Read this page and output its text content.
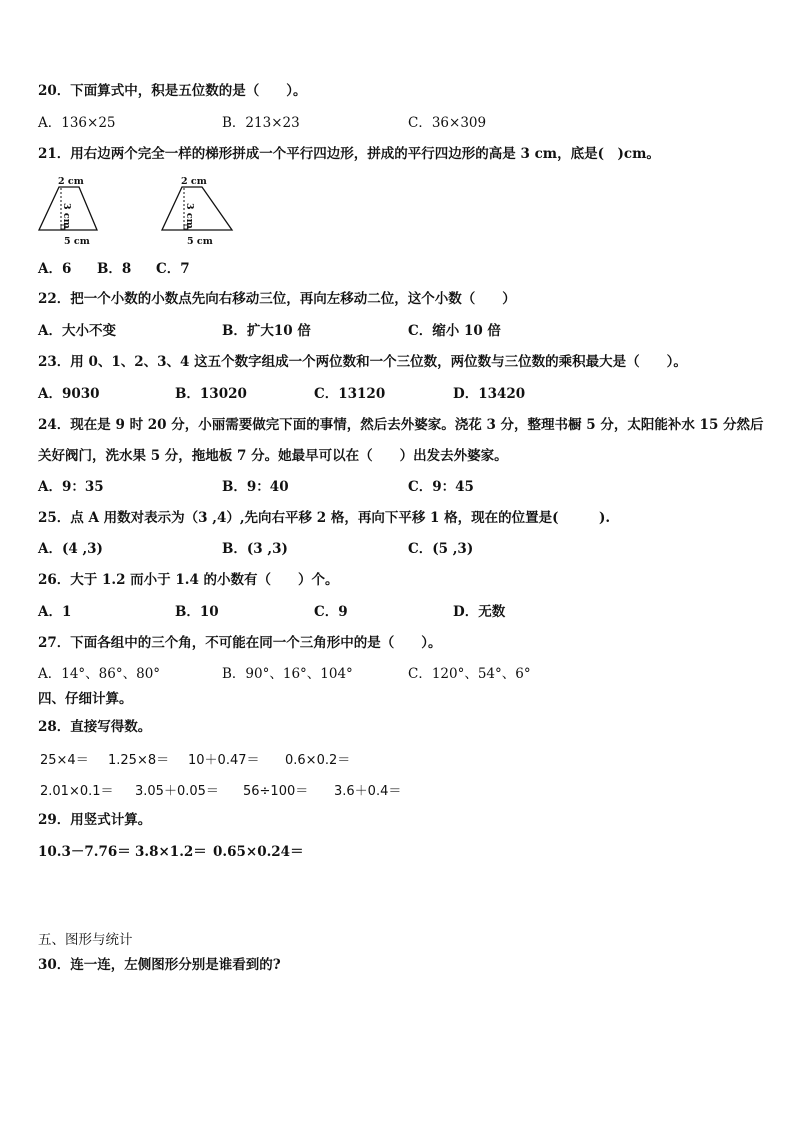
20．下面算式中，积是五位数的是（　　）。
A．136×25	B．213×23	C．36×309
21．用右边两个完全一样的梯形拼成一个平行四边形，拼成的平行四边形的高是 3 cm，底是(　)cm。
2 cm
3 cm
5 cm
2 cm
3 cm
5 cm
A．6 B．8 C．7
22．把一个小数的小数点先向右移动三位，再向左移动二位，这个小数（　　）
A．大小不变	B．扩大10 倍	C．缩小 10 倍
23．用 0、1、2、3、4 这五个数字组成一个两位数和一个三位数，两位数与三位数的乘积最大是（　　）。
A．9030	B．13020	C．13120	D．13420
24．现在是 9 时 20 分，小丽需要做完下面的事情，然后去外婆家。浇花 3 分，整理书橱 5 分，太阳能补水 15 分然后
关好阀门，洗水果 5 分，拖地板 7 分。她最早可以在（　　）出发去外婆家。
A．9：35	B．9：40	C．9：45
25．点 A 用数对表示为（3 ,4）,先向右平移 2 格，再向下平移 1 格，现在的位置是(　　　).
A．(4 ,3)	B．(3 ,3)	C．(5 ,3)
26．大于 1.2 而小于 1.4 的小数有（　　）个。
A．1	B．10	C．9	D．无数
27．下面各组中的三个角，不可能在同一个三角形中的是（　　）。
A．14°、86°、80°	B．90°、16°、104°	C．120°、54°、6°
四、仔细计算。
28．直接写得数。
25×4＝ 1.25×8＝ 10＋0.47＝ 0.6×0.2＝
2.01×0.1＝ 3.05＋0.05＝ 56÷100＝ 3.6＋0.4＝
29．用竖式计算。
10.3－7.76＝ 3.8×1.2＝ 0.65×0.24＝
五、图形与统计
30．连一连，左侧图形分别是谁看到的?
